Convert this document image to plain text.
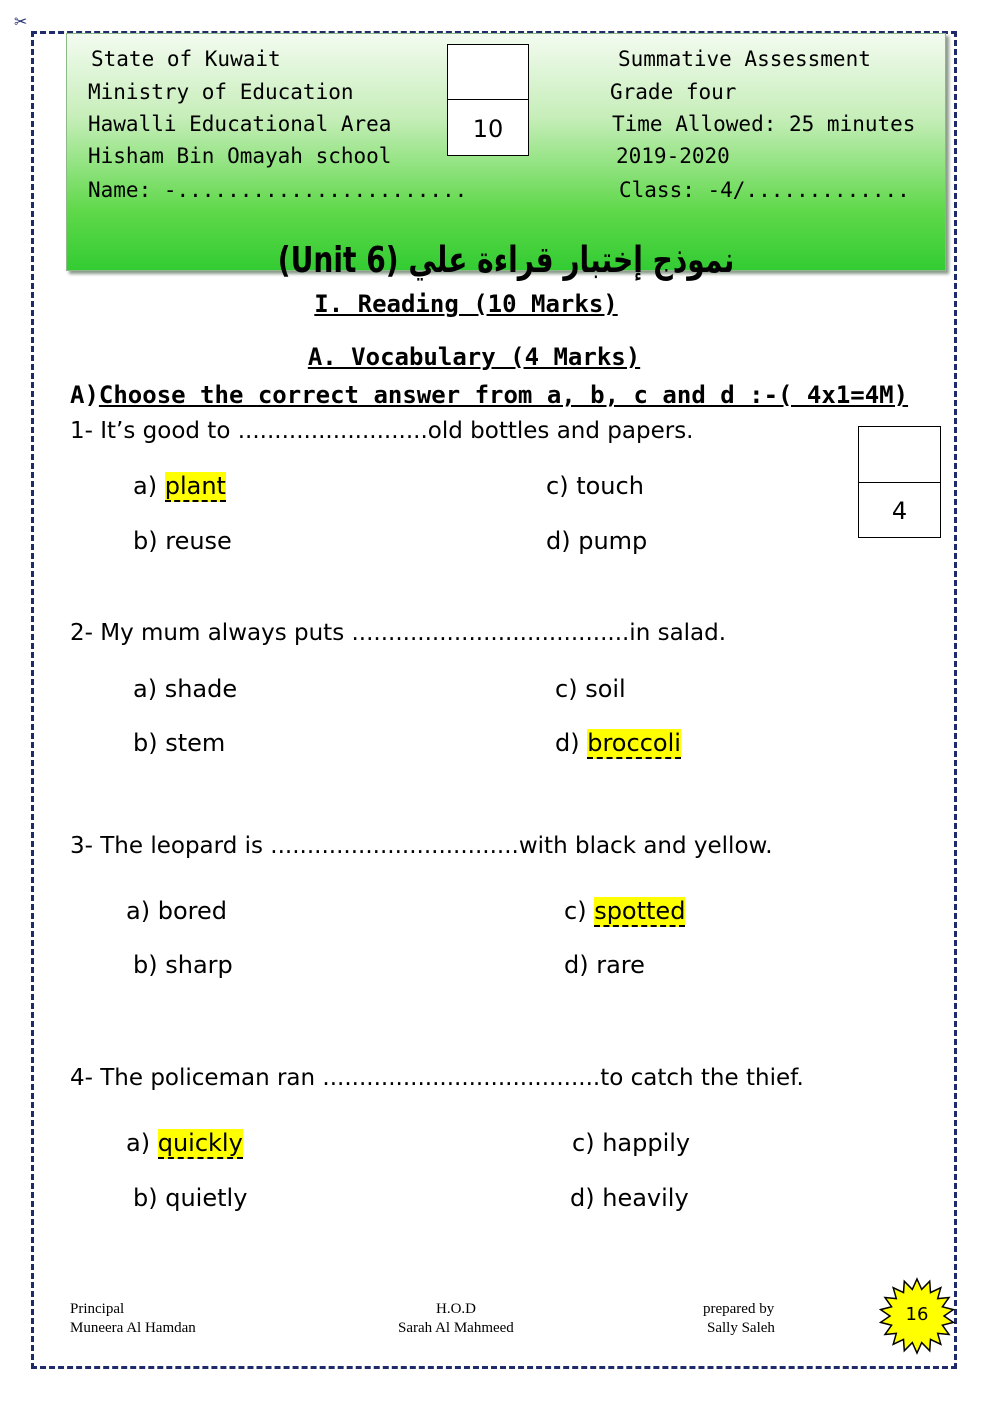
✂
State of Kuwait
Ministry of Education
Hawalli Educational Area
Hisham Bin Omayah school
Name: -.......................
Summative Assessment
Grade four
Time Allowed: 25 minutes
2019-2020
Class: -4/.............
10
نموذج إختبار قراءة علي (Unit 6)
I. Reading (10 Marks)
A. Vocabulary (4 Marks)
A)Choose the correct answer from a, b, c and d :-( 4x1=4M)
4
1- It’s good to ..........................old bottles and papers.
a) plant
b) reuse
c) touch
d) pump
2- My mum always puts ......................................in salad.
a) shade
b) stem
c) soil
d) broccoli
3- The leopard is ..................................with black and yellow.
a) bored
b) sharp
c) spotted
d) rare
4- The policeman ran ......................................to catch the thief.
a) quickly
b) quietly
c) happily
d) heavily
Principal
Muneera Al Hamdan
H.O.D
Sarah Al Mahmeed
prepared by
Sally Saleh
16
